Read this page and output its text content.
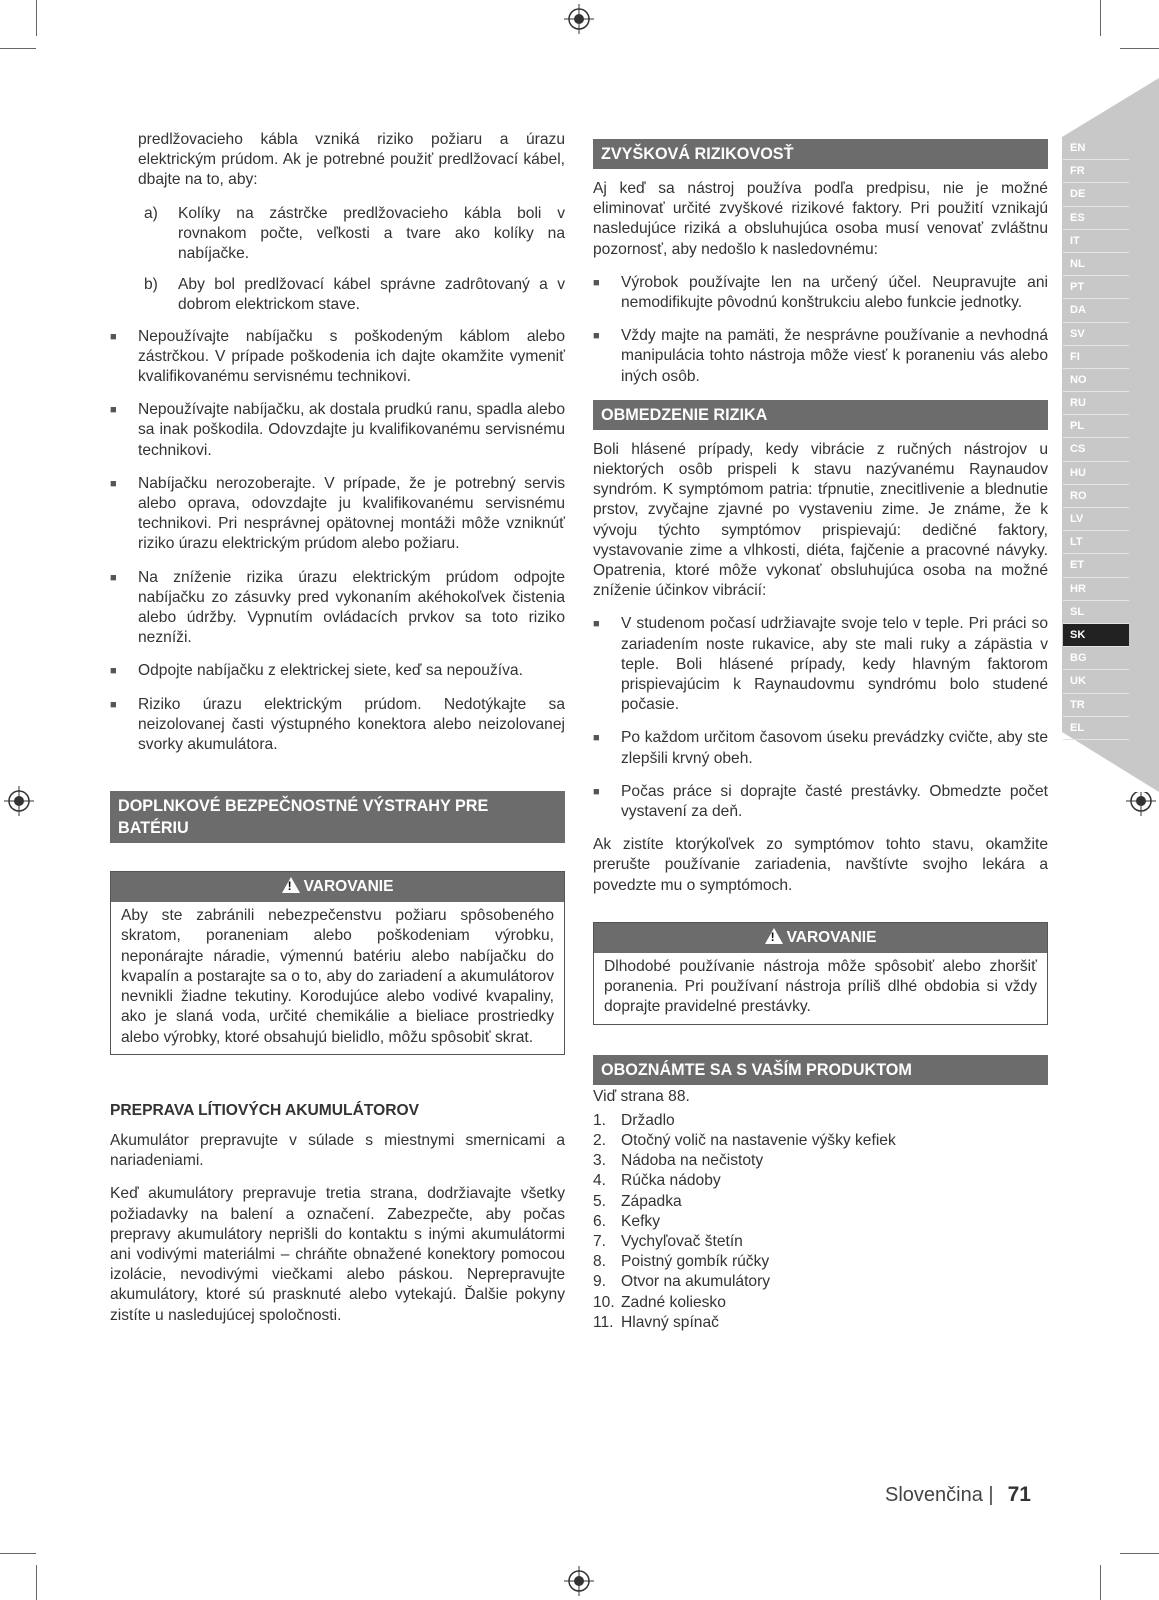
EN
FR
DE
ES
IT
NL
PT
DA
SV
FI
NO
RU
PL
CS
HU
RO
LV
LT
ET
HR
SL
SK
BG
UK
TR
EL

predlžovacieho kábla vzniká riziko požiaru a úrazu elektrickým prúdom. Ak je potrebné použiť predlžovací kábel, dbajte na to, aby:

a)	Kolíky na zástrčke predlžovacieho kábla boli v rovnakom počte, veľkosti a tvare ako kolíky na nabíjačke.
b)	Aby bol predlžovací kábel správne zadrôtovaný a v dobrom elektrickom stave.
■	Nepoužívajte nabíjačku s poškodeným káblom alebo zástrčkou. V prípade poškodenia ich dajte okamžite vymeniť kvalifikovanému servisnému technikovi.
■	Nepoužívajte nabíjačku, ak dostala prudkú ranu, spadla alebo sa inak poškodila. Odovzdajte ju kvalifikovanému servisnému technikovi.
■	Nabíjačku nerozoberajte. V prípade, že je potrebný servis alebo oprava, odovzdajte ju kvalifikovanému servisnému technikovi. Pri nesprávnej opätovnej montáži môže vzniknúť riziko úrazu elektrickým prúdom alebo požiaru.
■	Na zníženie rizika úrazu elektrickým prúdom odpojte nabíjačku zo zásuvky pred vykonaním akéhokoľvek čistenia alebo údržby. Vypnutím ovládacích prvkov sa toto riziko nezníži.
■	Odpojte nabíjačku z elektrickej siete, keď sa nepoužíva.
■	Riziko úrazu elektrickým prúdom. Nedotýkajte sa neizolovanej časti výstupného konektora alebo neizolovanej svorky akumulátora.
DOPLNKOVÉ BEZPEČNOSTNÉ VÝSTRAHY PRE BATÉRIU
! VAROVANIE
Aby ste zabránili nebezpečenstvu požiaru spôsobeného skratom, poraneniam alebo poškodeniam výrobku, neponárajte náradie, výmennú batériu alebo nabíjačku do kvapalín a postarajte sa o to, aby do zariadení a akumulátorov nevnikli žiadne tekutiny. Korodujúce alebo vodivé kvapaliny, ako je slaná voda, určité chemikálie a bieliace prostriedky alebo výrobky, ktoré obsahujú bielidlo, môžu spôsobiť skrat.
PREPRAVA LÍTIOVÝCH AKUMULÁTOROV

Akumulátor prepravujte v súlade s miestnymi smernicami a nariadeniami.

Keď akumulátory prepravuje tretia strana, dodržiavajte všetky požiadavky na balení a označení. Zabezpečte, aby počas prepravy akumulátory neprišli do kontaktu s inými akumulátormi ani vodivými materiálmi – chráňte obnažené konektory pomocou izolácie, nevodivými viečkami alebo páskou. Neprepravujte akumulátory, ktoré sú prasknuté alebo vytekajú. Ďalšie pokyny zistíte u nasledujúcej spoločnosti.

ZVYŠKOVÁ RIZIKOVOSŤ

Aj keď sa nástroj používa podľa predpisu, nie je možné eliminovať určité zvyškové rizikové faktory. Pri použití vznikajú nasledujúce riziká a obsluhujúca osoba musí venovať zvláštnu pozornosť, aby nedošlo k nasledovnému:

■	Výrobok používajte len na určený účel. Neupravujte ani nemodifikujte pôvodnú konštrukciu alebo funkcie jednotky.
■	Vždy majte na pamäti, že nesprávne používanie a nevhodná manipulácia tohto nástroja môže viesť k poraneniu vás alebo iných osôb.
OBMEDZENIE RIZIKA

Boli hlásené prípady, kedy vibrácie z ručných nástrojov u niektorých osôb prispeli k stavu nazývanému Raynaudov syndróm. K symptómom patria: tŕpnutie, znecitlivenie a blednutie prstov, zvyčajne zjavné po vystaveniu zime. Je známe, že k vývoju týchto symptómov prispievajú: dedičné faktory, vystavovanie zime a vlhkosti, diéta, fajčenie a pracovné návyky. Opatrenia, ktoré môže vykonať obsluhujúca osoba na možné zníženie účinkov vibrácií:

■	V studenom počasí udržiavajte svoje telo v teple. Pri práci so zariadením noste rukavice, aby ste mali ruky a zápästia v teple. Boli hlásené prípady, kedy hlavným faktorom prispievajúcim k Raynaudovmu syndrómu bolo studené počasie.
■	Po každom určitom časovom úseku prevádzky cvičte, aby ste zlepšili krvný obeh.
■	Počas práce si doprajte časté prestávky. Obmedzte počet vystavení za deň.

Ak zistíte ktorýkoľvek zo symptómov tohto stavu, okamžite prerušte používanie zariadenia, navštívte svojho lekára a povedzte mu o symptómoch.

! VAROVANIE
Dlhodobé používanie nástroja môže spôsobiť alebo zhoršiť poranenia. Pri používaní nástroja príliš dlhé obdobia si vždy doprajte pravidelné prestávky.
OBOZNÁMTE SA S VAŠÍM PRODUKTOM

Viď strana 88.

1. Držadlo
2. Otočný volič na nastavenie výšky kefiek
3. Nádoba na nečistoty
4. Rúčka nádoby
5. Západka
6. Kefky
7. Vychyľovač štetín
8. Poistný gombík rúčky
9. Otvor na akumulátory
10. Zadné koliesko
11. Hlavný spínač
Slovenčina | 71
